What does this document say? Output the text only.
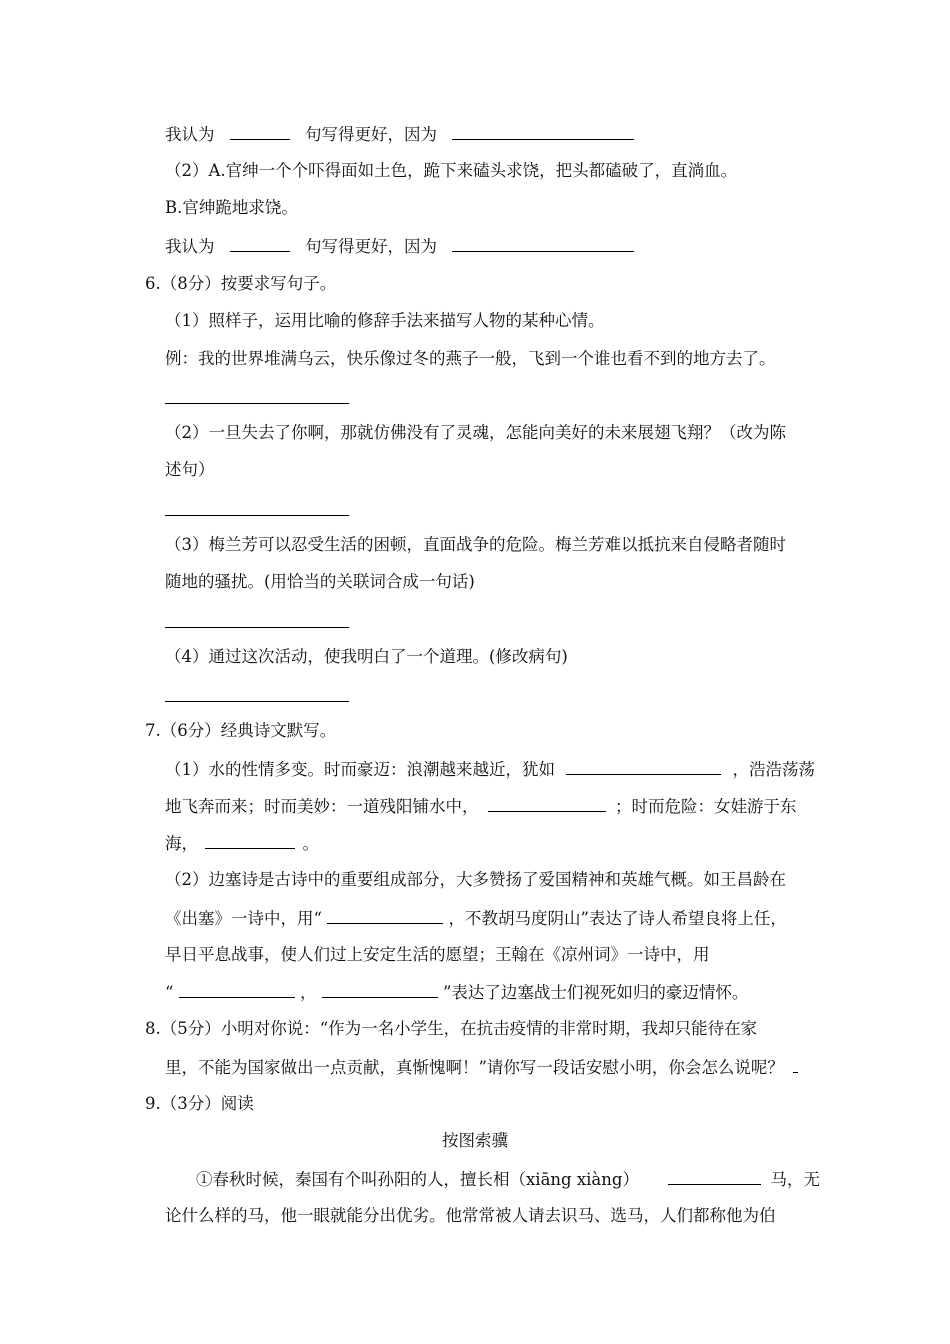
我认为	句写得更好，因为
（2）A.官绅一个个吓得面如土色，跪下来磕头求饶，把头都磕破了，直淌血。
B.官绅跪地求饶。
我认为	句写得更好，因为
6.（8分）按要求写句子。
（1）照样子，运用比喻的修辞手法来描写人物的某种心情。
例：我的世界堆满乌云，快乐像过冬的燕子一般，飞到一个谁也看不到的地方去了。
（2）一旦失去了你啊，那就仿佛没有了灵魂，怎能向美好的未来展翅飞翔？（改为陈
述句）
（3）梅兰芳可以忍受生活的困顿，直面战争的危险。梅兰芳难以抵抗来自侵略者随时
随地的骚扰。(用恰当的关联词合成一句话)
（4）通过这次活动，使我明白了一个道理。(修改病句)
7.（6分）经典诗文默写。
（1）水的性情多变。时而豪迈：浪潮越来越近，犹如	，浩浩荡荡
地飞奔而来；时而美妙：一道残阳铺水中，	；时而危险：女娃游于东
海，	。
（2）边塞诗是古诗中的重要组成部分，大多赞扬了爱国精神和英雄气概。如王昌龄在
《出塞》一诗中，用“	，不教胡马度阴山”表达了诗人希望良将上任，
早日平息战事，使人们过上安定生活的愿望；王翰在《凉州词》一诗中，用
“	，	”表达了边塞战士们视死如归的豪迈情怀。
8.（5分）小明对你说：“作为一名小学生，在抗击疫情的非常时期，我却只能待在家
里，不能为国家做出一点贡献，真惭愧啊！”请你写一段话安慰小明，你会怎么说呢？
9.（3分）阅读
按图索骥
①春秋时候，秦国有个叫孙阳的人，擅长相（xiāng xiàng）	马，无
论什么样的马，他一眼就能分出优劣。他常常被人请去识马、选马，人们都称他为伯
